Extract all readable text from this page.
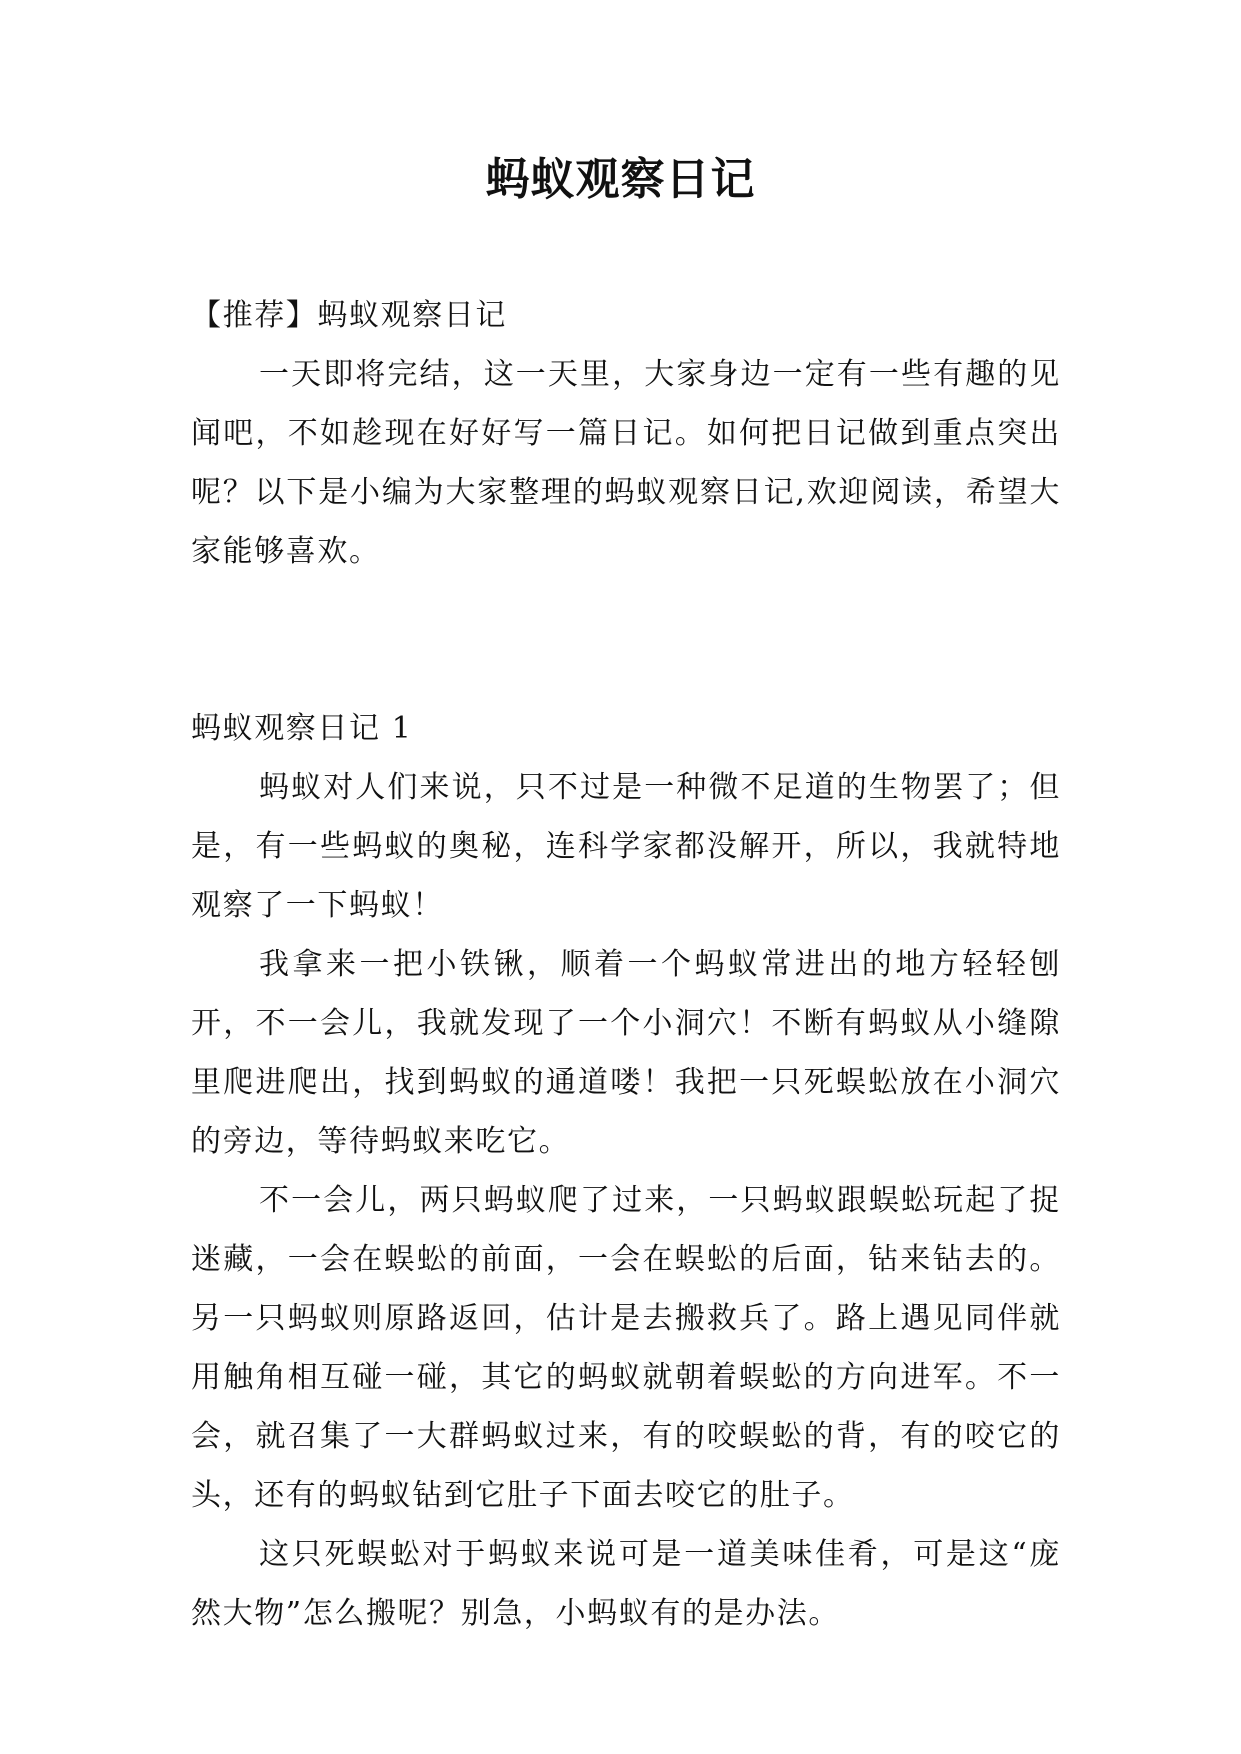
蚂蚁观察日记

【推荐】蚂蚁观察日记

一天即将完结，这一天里，大家身边一定有一些有趣的见闻吧，不如趁现在好好写一篇日记。如何把日记做到重点突出呢？以下是小编为大家整理的蚂蚁观察日记,欢迎阅读，希望大家能够喜欢。

蚂蚁观察日记 1

蚂蚁对人们来说，只不过是一种微不足道的生物罢了；但是，有一些蚂蚁的奥秘，连科学家都没解开，所以，我就特地观察了一下蚂蚁！

我拿来一把小铁锹，顺着一个蚂蚁常进出的地方轻轻刨开，不一会儿，我就发现了一个小洞穴！不断有蚂蚁从小缝隙里爬进爬出，找到蚂蚁的通道喽！我把一只死蜈蚣放在小洞穴的旁边，等待蚂蚁来吃它。

不一会儿，两只蚂蚁爬了过来，一只蚂蚁跟蜈蚣玩起了捉迷藏，一会在蜈蚣的前面，一会在蜈蚣的后面，钻来钻去的。另一只蚂蚁则原路返回，估计是去搬救兵了。路上遇见同伴就用触角相互碰一碰，其它的蚂蚁就朝着蜈蚣的方向进军。不一会，就召集了一大群蚂蚁过来，有的咬蜈蚣的背，有的咬它的头，还有的蚂蚁钻到它肚子下面去咬它的肚子。

这只死蜈蚣对于蚂蚁来说可是一道美味佳肴，可是这“庞然大物”怎么搬呢？别急，小蚂蚁有的是办法。
